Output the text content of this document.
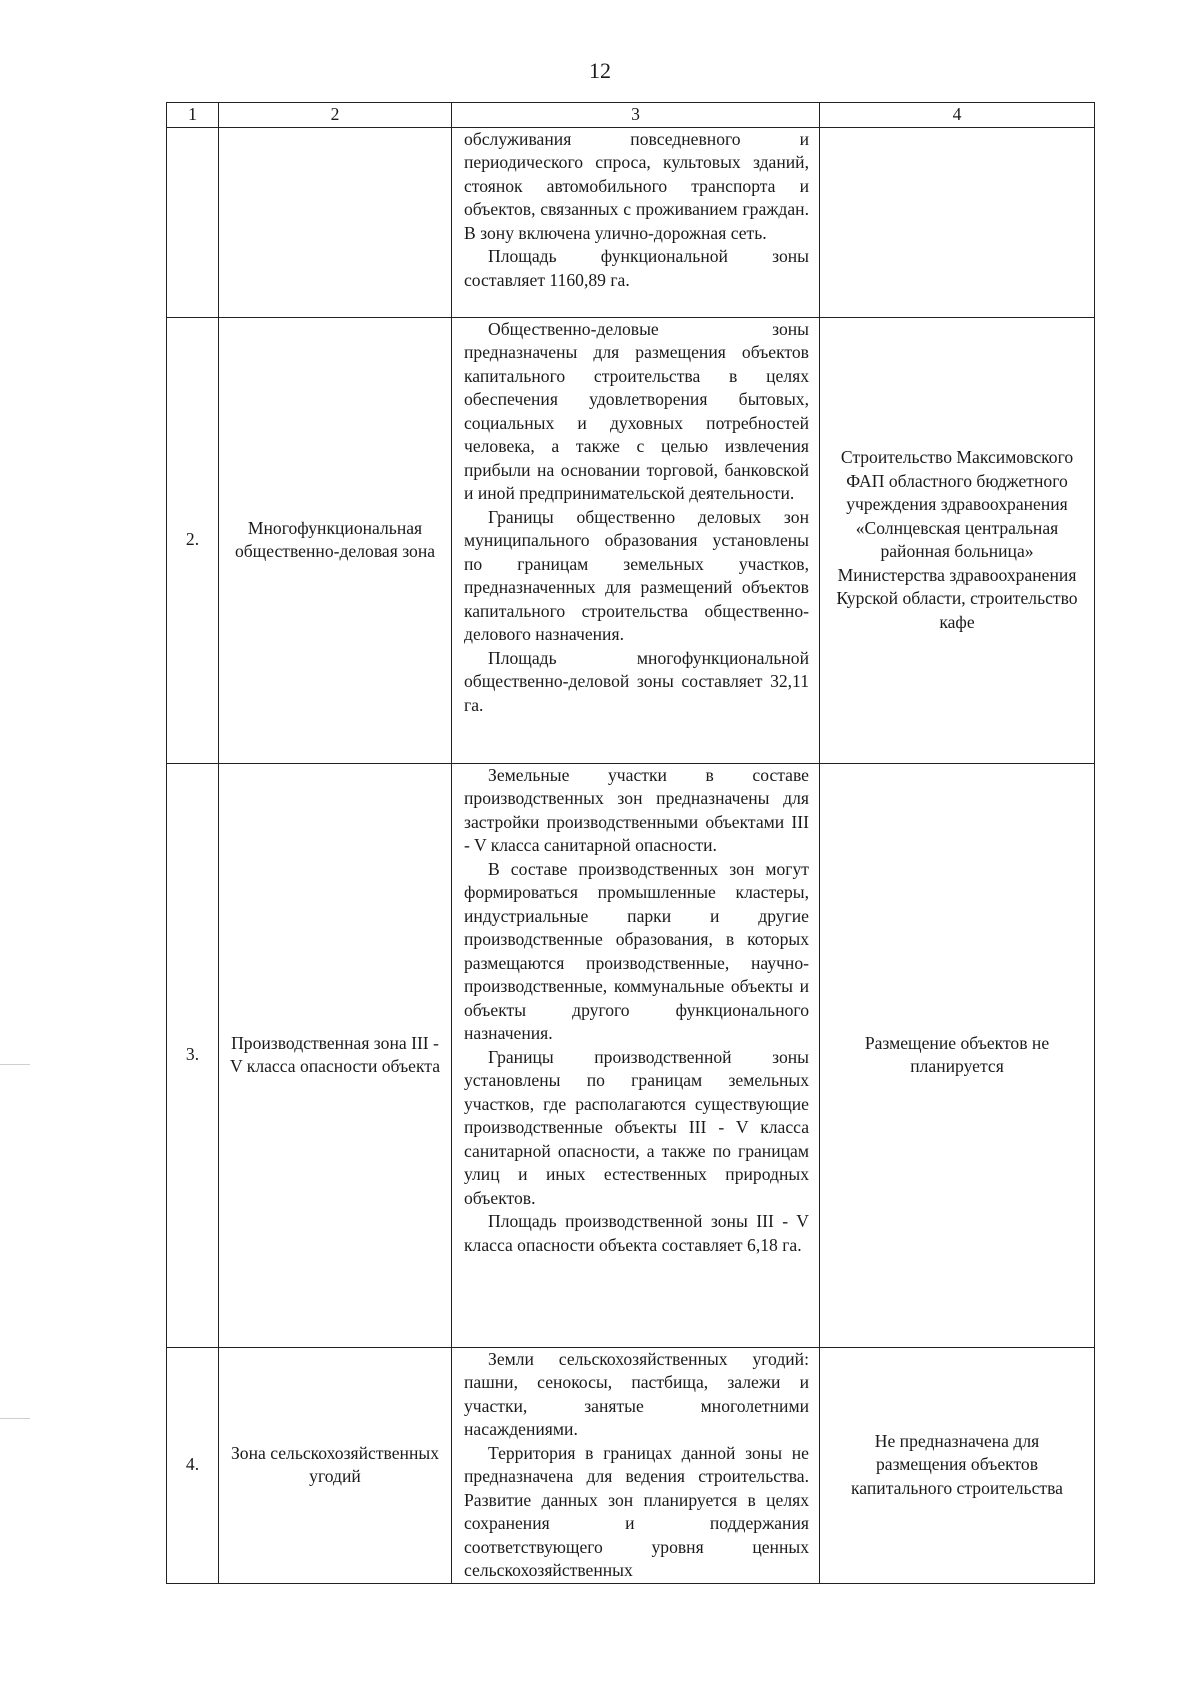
12
1	2	3	4

		обслуживания повседневного и периодического спроса, культовых зданий, стоянок автомобильного транспорта и объектов, связанных с проживанием граждан. В зону включена улично-дорожная сеть.

Площадь функциональной зоны составляет 1160,89 га.	

2.	Многофункциональная общественно-деловая зона	Общественно-деловые зоны предназначены для размещения объектов капитального строительства в целях обеспечения удовлетворения бытовых, социальных и духовных потребностей человека, а также с целью извлечения прибыли на основании торговой, банковской и иной предпринимательской деятельности.

Границы общественно деловых зон муниципального образования установлены по границам земельных участков, предназначенных для размещений объектов капитального строительства общественно-делового назначения.

Площадь многофункциональной общественно-деловой зоны составляет 32,11 га.	Строительство Максимовского ФАП областного бюджетного учреждения здравоохранения «Солнцевская центральная районная больница» Министерства здравоохранения Курской области, строительство кафе
3.	Производственная зона III - V класса опасности объекта	Земельные участки в составе производственных зон предназначены для застройки производственными объектами III - V класса санитарной опасности.

В составе производственных зон могут формироваться промышленные кластеры, индустриальные парки и другие производственные образования, в которых размещаются производственные, научно-производственные, коммунальные объекты и объекты другого функционального назначения.

Границы производственной зоны установлены по границам земельных участков, где располагаются существующие производственные объекты III - V класса санитарной опасности, а также по границам улиц и иных естественных природных объектов.

Площадь производственной зоны III - V класса опасности объекта составляет 6,18 га.	Размещение объектов не планируется
4.	Зона сельскохозяйственных угодий	Земли сельскохозяйственных угодий: пашни, сенокосы, пастбища, залежи и участки, занятые многолетними насаждениями.

Территория в границах данной зоны не предназначена для ведения строительства. Развитие данных зон планируется в целях сохранения и поддержания соответствующего уровня ценных сельскохозяйственных	Не предназначена для размещения объектов капитального строительства
